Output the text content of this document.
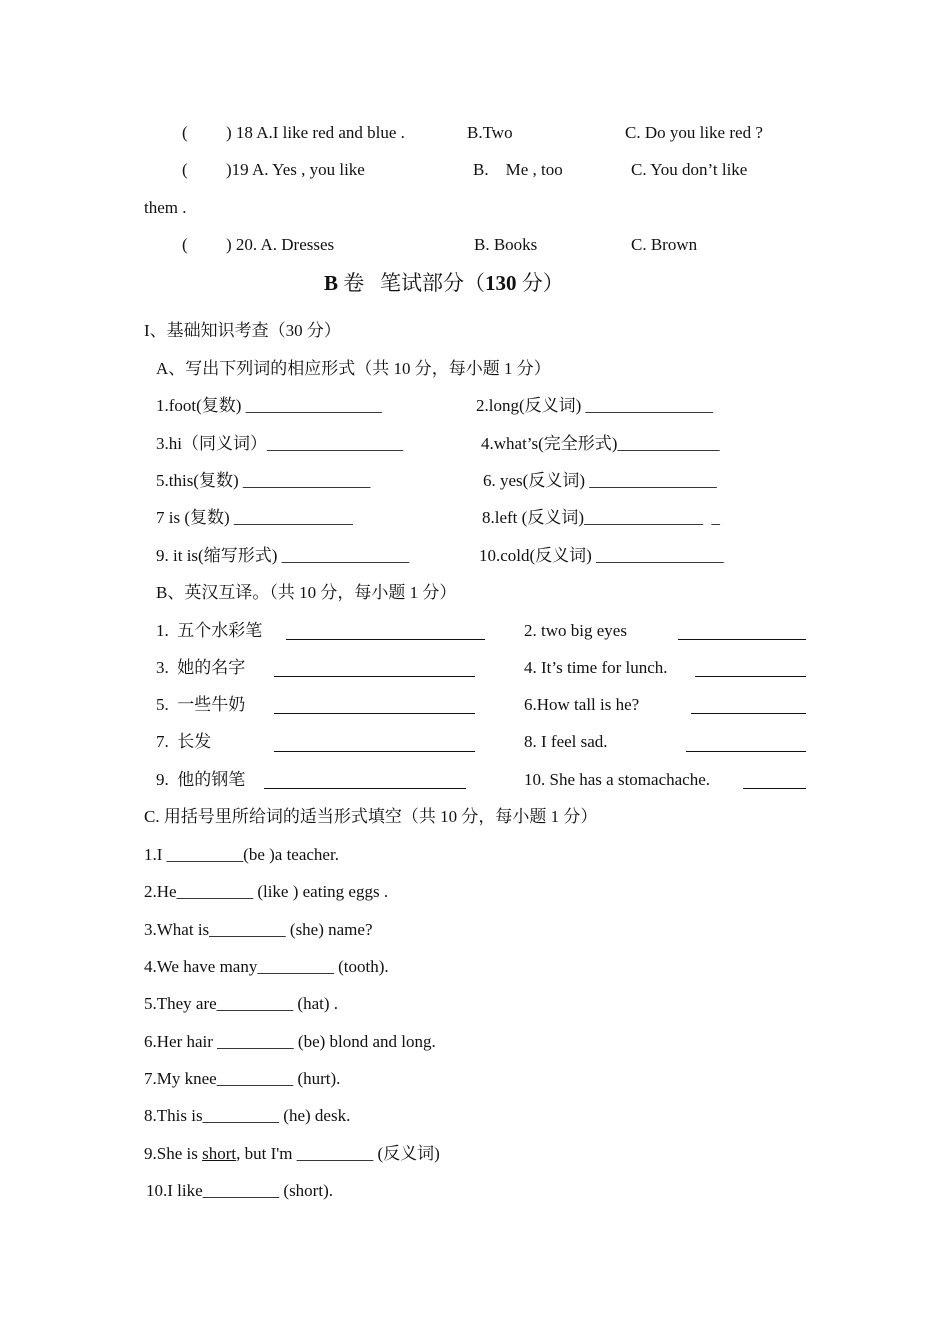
( ) 18 A.I like red and blue .	B.Two	C. Do you like red ?
( )19 A. Yes , you like	B.    Me , too	C. You don’t like
them .
( ) 20. A. Dresses	B. Books	C. Brown
B 卷   笔试部分（130 分）
I、基础知识考查（30 分）
A、写出下列词的相应形式（共 10 分，每小题 1 分）
1.foot(复数) ________________	2.long(反义词) _______________
3.hi（同义词）________________	4.what’s(完全形式)____________
5.this(复数) _______________	6. yes(反义词) _______________
7 is (复数) ______________	8.left (反义词)______________  _
9. it is(缩写形式) _______________	10.cold(反义词) _______________
B、英汉互译。（共 10 分，每小题 1 分）
1.  五个水彩笔	2. two big eyes
3.  她的名字	4. It’s time for lunch.
5.  一些牛奶	6.How tall is he?
7.  长发	8. I feel sad.
9.  他的钢笔	10. She has a stomachache.
C. 用括号里所给词的适当形式填空（共 10 分，每小题 1 分）
1.I _________(be )a teacher.
2.He_________ (like ) eating eggs .
3.What is_________ (she) name?
4.We have many_________ (tooth).
5.They are_________ (hat) .
6.Her hair _________ (be) blond and long.
7.My knee_________ (hurt).
8.This is_________ (he) desk.
9.She is short, but I'm _________ (反义词)
10.I like_________ (short).
